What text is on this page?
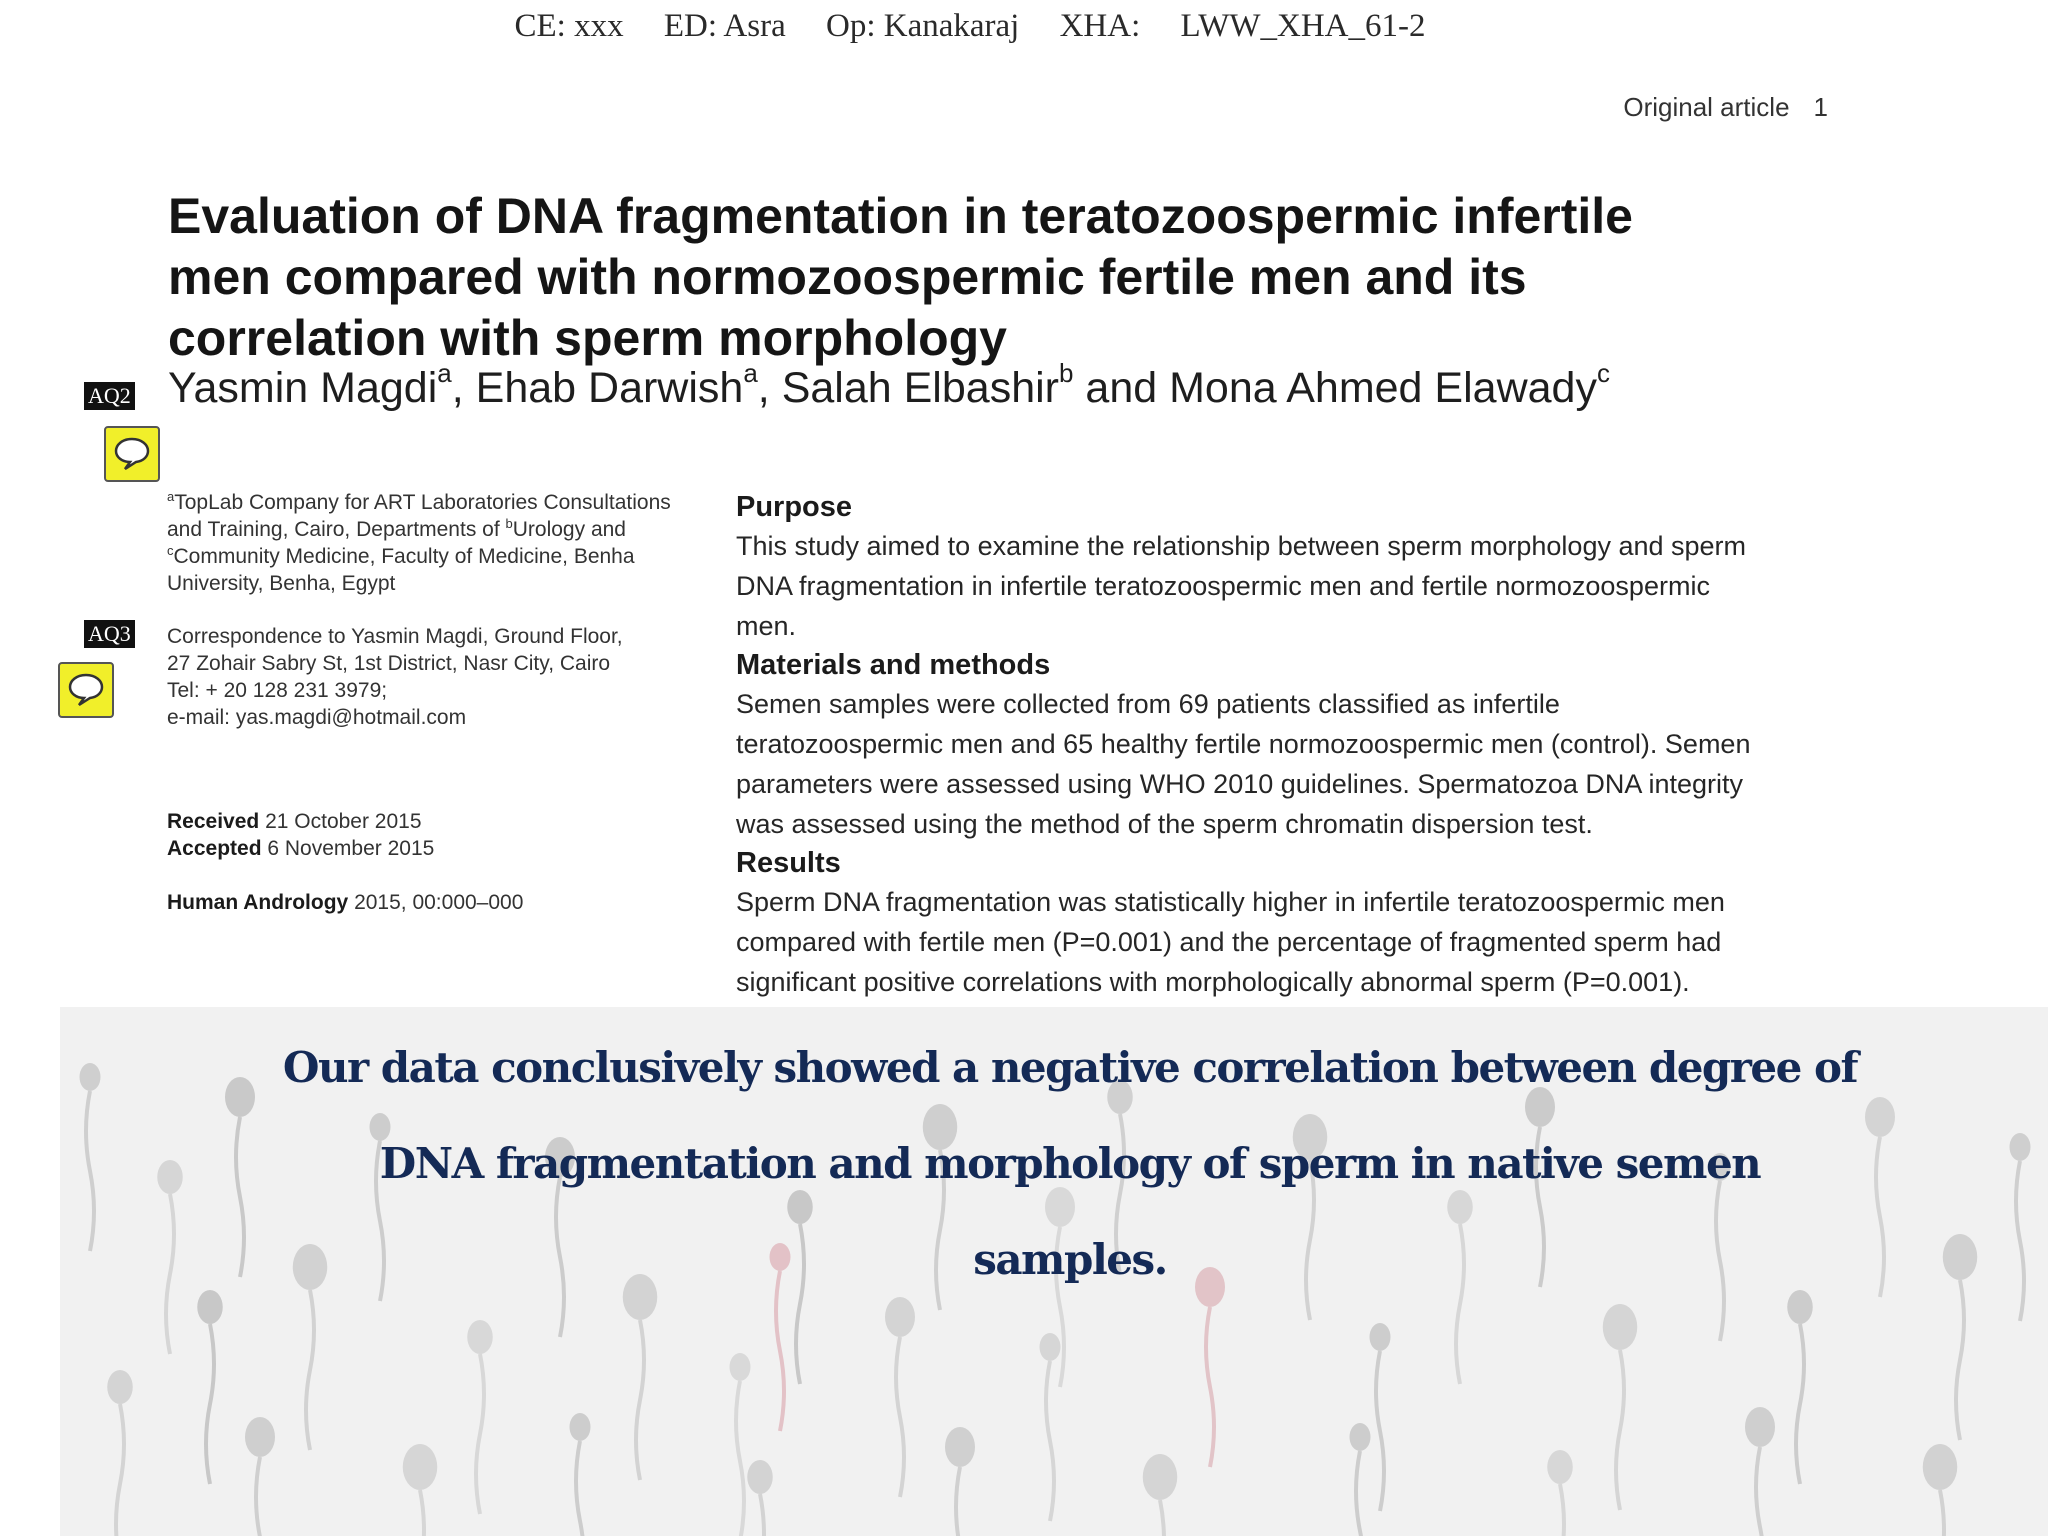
CE: xxx ED: Asra Op: Kanakaraj XHA: LWW_XHA_61-2
Original article 1
Evaluation of DNA fragmentation in teratozoospermic infertile
men compared with normozoospermic fertile men and its
correlation with sperm morphology
AQ2
AQ3
Yasmin Magdi$^a$, Ehab Darwish$^a$, Salah Elbashir$^b$ and Mona Ahmed Elawady$^c$
$^a$TopLab Company for ART Laboratories Consultations
and Training, Cairo, Departments of $^b$Urology and
$^c$Community Medicine, Faculty of Medicine, Benha
University, Benha, Egypt
Correspondence to Yasmin Magdi, Ground Floor,
27 Zohair Sabry St, 1st District, Nasr City, Cairo
Tel: + 20 128 231 3979;
e-mail: yas.magdi@hotmail.com
Received 21 October 2015
Accepted 6 November 2015
Human Andrology 2015, 00:000–000
Purpose
This study aimed to examine the relationship between sperm morphology and sperm
DNA fragmentation in infertile teratozoospermic men and fertile normozoospermic
men.
Materials and methods
Semen samples were collected from 69 patients classified as infertile
teratozoospermic men and 65 healthy fertile normozoospermic men (control). Semen
parameters were assessed using WHO 2010 guidelines. Spermatozoa DNA integrity
was assessed using the method of the sperm chromatin dispersion test.
Results
Sperm DNA fragmentation was statistically higher in infertile teratozoospermic men
compared with fertile men (P=0.001) and the percentage of fragmented sperm had
significant positive correlations with morphologically abnormal sperm (P=0.001).
Our data conclusively showed a negative correlation between degree of
DNA fragmentation and morphology of sperm in native semen
samples.
